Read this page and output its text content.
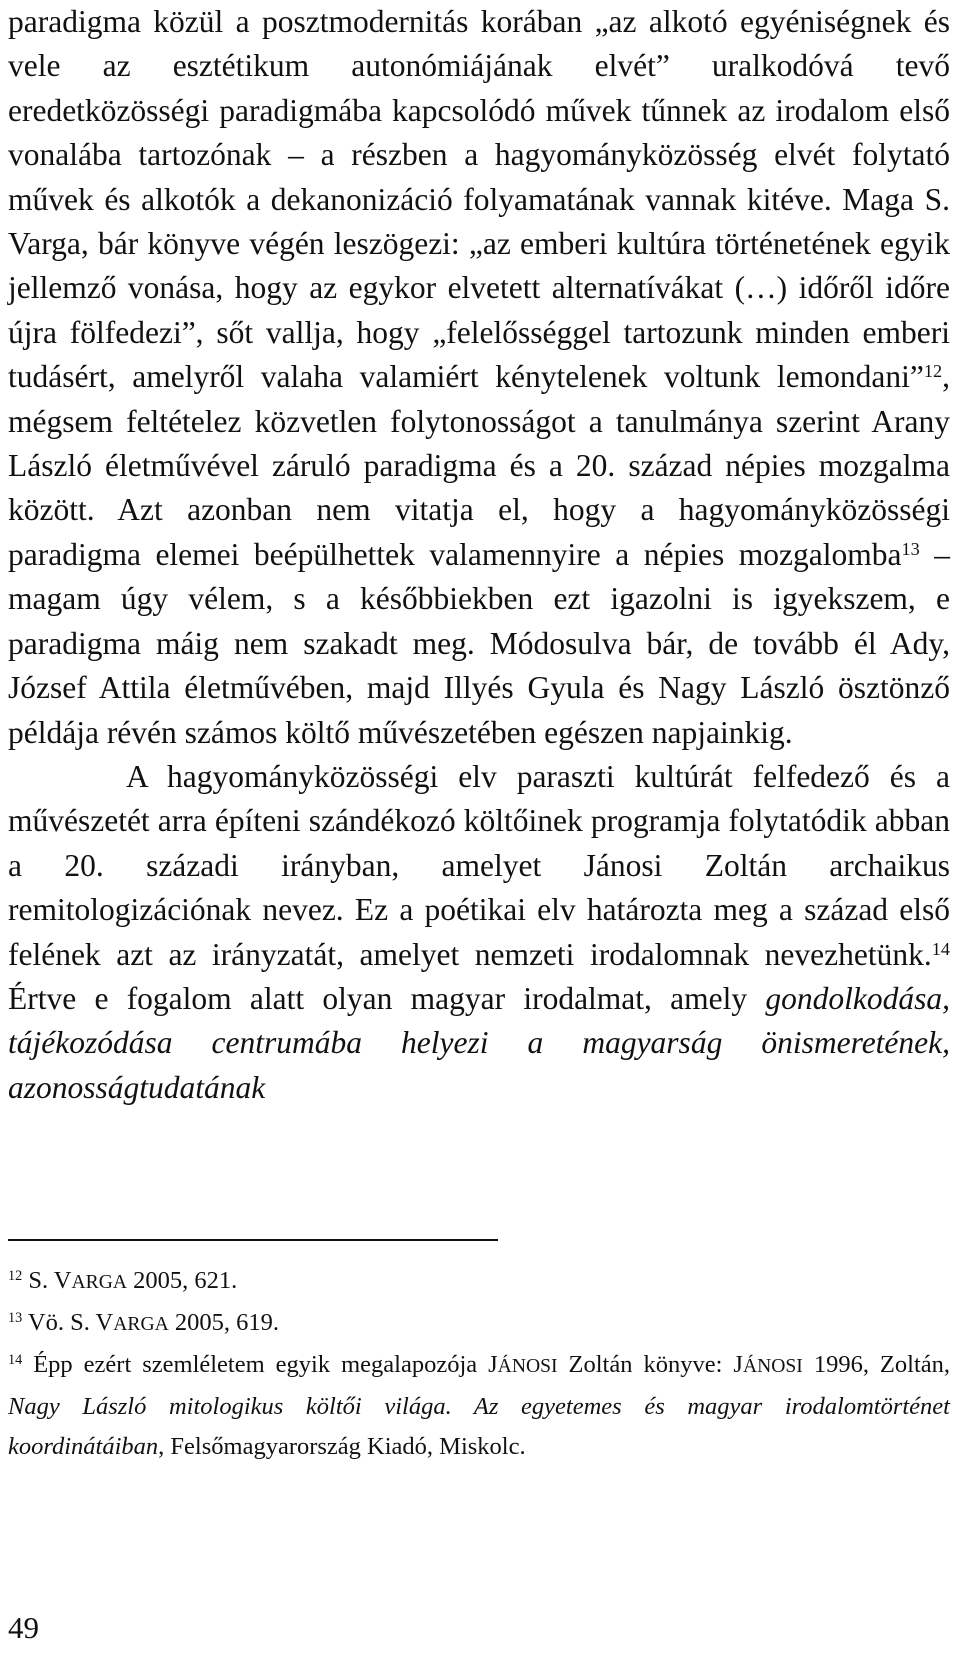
paradigma közül a posztmodernitás korában „az alkotó egyéniségnek és vele az esztétikum autonómiájának elvét” uralkodóvá tevő eredetközösségi paradigmába kapcsolódó művek tűnnek az irodalom első vonalába tartozónak – a részben a hagyományközösség elvét folytató művek és alkotók a dekanonizáció folyamatának vannak kitéve. Maga S. Varga, bár könyve végén leszögezi: „az emberi kultúra történetének egyik jellemző vonása, hogy az egykor elvetett alternatívákat (…) időről időre újra fölfedezi”, sőt vallja, hogy „felelősséggel tartozunk minden emberi tudásért, amelyről valaha valamiért kénytelenek voltunk lemondani”$^{12}$, mégsem feltételez közvetlen folytonosságot a tanulmánya szerint Arany László életművével záruló paradigma és a 20. század népies mozgalma között. Azt azonban nem vitatja el, hogy a hagyományközösségi paradigma elemei beépülhettek valamennyire a népies mozgalomba$^{13}$ – magam úgy vélem, s a későbbiekben ezt igazolni is igyekszem, e paradigma máig nem szakadt meg. Módosulva bár, de tovább él Ady, József Attila életművében, majd Illyés Gyula és Nagy László ösztönző példája révén számos költő művészetében egészen napjainkig.

A hagyományközösségi elv paraszti kultúrát felfedező és a művészetét arra építeni szándékozó költőinek programja folytatódik abban a 20. századi irányban, amelyet Jánosi Zoltán archaikus remitologizációnak nevez. Ez a poétikai elv határozta meg a század első felének azt az irányzatát, amelyet nemzeti irodalomnak nevezhetünk.$^{14}$ Értve e fogalom alatt olyan magyar irodalmat, amely gondolkodása, tájékozódása centrumába helyezi a magyarság önismeretének, azonosságtudatának

$^{12}$ S. VARGA 2005, 621.

$^{13}$ Vö. S. VARGA 2005, 619.

$^{14}$ Épp ezért szemléletem egyik megalapozója JÁNOSI Zoltán könyve: JÁNOSI 1996, Zoltán, Nagy László mitologikus költői világa. Az egyetemes és magyar irodalomtörténet koordinátáiban, Felsőmagyarország Kiadó, Miskolc.

49
